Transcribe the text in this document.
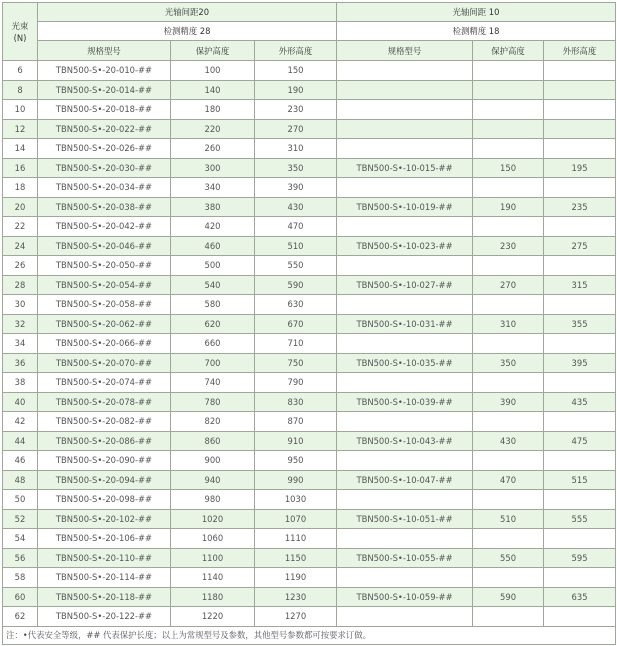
光束
(N)	光轴间距20			光轴间距 10		
	检测精度 28			检测精度 18		
	规格型号	保护高度	外形高度	规格型号	保护高度	外形高度
6	TBN500-S•-20-010-##	100	150			
8	TBN500-S•-20-014-##	140	190			
10	TBN500-S•-20-018-##	180	230			
12	TBN500-S•-20-022-##	220	270			
14	TBN500-S•-20-026-##	260	310			
16	TBN500-S•-20-030-##	300	350	TBN500-S•-10-015-##	150	195
18	TBN500-S•-20-034-##	340	390			
20	TBN500-S•-20-038-##	380	430	TBN500-S•-10-019-##	190	235
22	TBN500-S•-20-042-##	420	470			
24	TBN500-S•-20-046-##	460	510	TBN500-S•-10-023-##	230	275
26	TBN500-S•-20-050-##	500	550			
28	TBN500-S•-20-054-##	540	590	TBN500-S•-10-027-##	270	315
30	TBN500-S•-20-058-##	580	630			
32	TBN500-S•-20-062-##	620	670	TBN500-S•-10-031-##	310	355
34	TBN500-S•-20-066-##	660	710			
36	TBN500-S•-20-070-##	700	750	TBN500-S•-10-035-##	350	395
38	TBN500-S•-20-074-##	740	790			
40	TBN500-S•-20-078-##	780	830	TBN500-S•-10-039-##	390	435
42	TBN500-S•-20-082-##	820	870			
44	TBN500-S•-20-086-##	860	910	TBN500-S•-10-043-##	430	475
46	TBN500-S•-20-090-##	900	950			
48	TBN500-S•-20-094-##	940	990	TBN500-S•-10-047-##	470	515
50	TBN500-S•-20-098-##	980	1030			
52	TBN500-S•-20-102-##	1020	1070	TBN500-S•-10-051-##	510	555
54	TBN500-S•-20-106-##	1060	1110			
56	TBN500-S•-20-110-##	1100	1150	TBN500-S•-10-055-##	550	595
58	TBN500-S•-20-114-##	1140	1190			
60	TBN500-S•-20-118-##	1180	1230	TBN500-S•-10-059-##	590	635
62	TBN500-S•-20-122-##	1220	1270			
注：•代表安全等级，## 代表保护长度；以上为常规型号及参数，其他型号参数都可按要求订做。						
